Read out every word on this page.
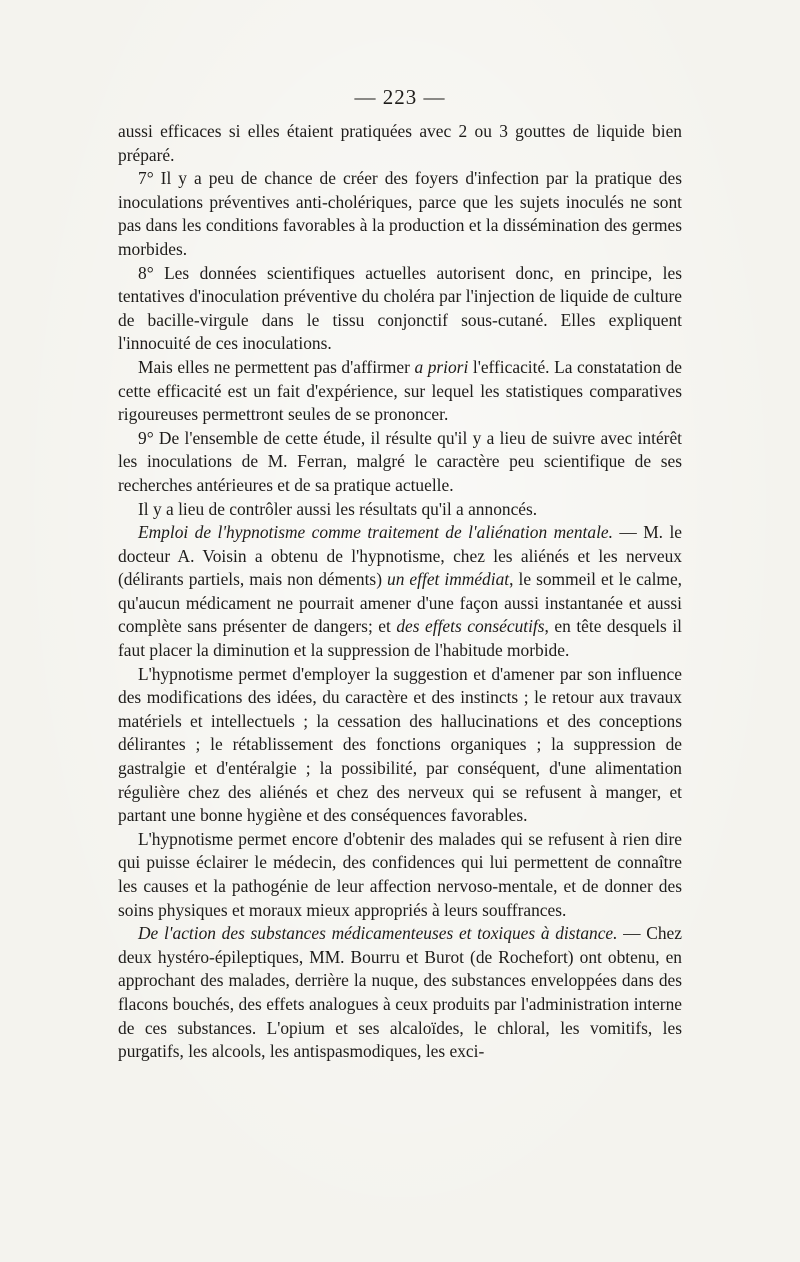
— 223 —

aussi efficaces si elles étaient pratiquées avec 2 ou 3 gouttes de liquide bien préparé.

7° Il y a peu de chance de créer des foyers d'infection par la pratique des inoculations préventives anti-cholériques, parce que les sujets inoculés ne sont pas dans les conditions favorables à la production et la dissémination des germes morbides.

8° Les données scientifiques actuelles autorisent donc, en principe, les tentatives d'inoculation préventive du choléra par l'injection de liquide de culture de bacille-virgule dans le tissu conjonctif sous-cutané. Elles expliquent l'innocuité de ces inoculations.

Mais elles ne permettent pas d'affirmer a priori l'efficacité. La constatation de cette efficacité est un fait d'expérience, sur lequel les statistiques comparatives rigoureuses permettront seules de se prononcer.

9° De l'ensemble de cette étude, il résulte qu'il y a lieu de suivre avec intérêt les inoculations de M. Ferran, malgré le caractère peu scientifique de ses recherches antérieures et de sa pratique actuelle.

Il y a lieu de contrôler aussi les résultats qu'il a annoncés.

Emploi de l'hypnotisme comme traitement de l'aliénation mentale. — M. le docteur A. Voisin a obtenu de l'hypnotisme, chez les aliénés et les nerveux (délirants partiels, mais non déments) un effet immédiat, le sommeil et le calme, qu'aucun médicament ne pourrait amener d'une façon aussi instantanée et aussi complète sans présenter de dangers; et des effets consécutifs, en tête desquels il faut placer la diminution et la suppression de l'habitude morbide.

L'hypnotisme permet d'employer la suggestion et d'amener par son influence des modifications des idées, du caractère et des instincts ; le retour aux travaux matériels et intellectuels ; la cessation des hallucinations et des conceptions délirantes ; le rétablissement des fonctions organiques ; la suppression de gastralgie et d'entéralgie ; la possibilité, par conséquent, d'une alimentation régulière chez des aliénés et chez des nerveux qui se refusent à manger, et partant une bonne hygiène et des conséquences favorables.

L'hypnotisme permet encore d'obtenir des malades qui se refusent à rien dire qui puisse éclairer le médecin, des confidences qui lui permettent de connaître les causes et la pathogénie de leur affection nervoso-mentale, et de donner des soins physiques et moraux mieux appropriés à leurs souffrances.

De l'action des substances médicamenteuses et toxiques à distance. — Chez deux hystéro-épileptiques, MM. Bourru et Burot (de Rochefort) ont obtenu, en approchant des malades, derrière la nuque, des substances enveloppées dans des flacons bouchés, des effets analogues à ceux produits par l'administration interne de ces substances. L'opium et ses alcaloïdes, le chloral, les vomitifs, les purgatifs, les alcools, les antispasmodiques, les exci-
